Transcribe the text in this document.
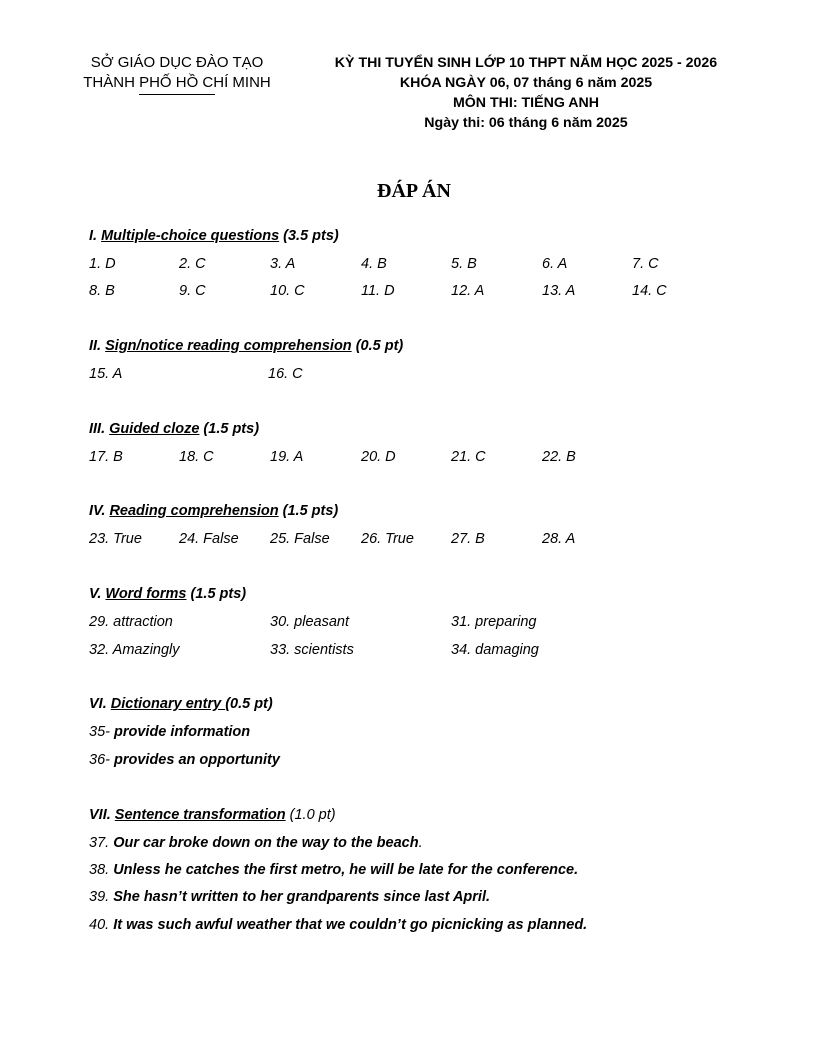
SỞ GIÁO DỤC ĐÀO TẠO
THÀNH PHỐ HỒ CHÍ MINH
KỲ THI TUYỂN SINH LỚP 10 THPT NĂM HỌC 2025 - 2026
KHÓA NGÀY 06, 07 tháng 6 năm 2025
MÔN THI: TIẾNG ANH
Ngày thi: 06 tháng 6 năm 2025
ĐÁP ÁN
I. Multiple-choice questions (3.5 pts)
1. D	2. C	3. A	4. B	5. B	6. A	7. C
8. B	9. C	10. C	11. D	12. A	13. A	14. C
II. Sign/notice reading comprehension (0.5 pt)
15. A	16. C
III. Guided cloze (1.5 pts)
17. B	18. C	19. A	20. D	21. C	22. B
IV. Reading comprehension (1.5 pts)
23. True	24. False 25. False 26. True	27. B	28. A
V. Word forms (1.5 pts)
29. attraction	30. pleasant	31. preparing
32. Amazingly	33. scientists	34. damaging
VI. Dictionary entry (0.5 pt)
35- provide information
36- provides an opportunity
VII. Sentence transformation (1.0 pt)
37. Our car broke down on the way to the beach.
38. Unless he catches the first metro, he will be late for the conference.
39. She hasn’t written to her grandparents since last April.
40. It was such awful weather that we couldn’t go picnicking as planned.
